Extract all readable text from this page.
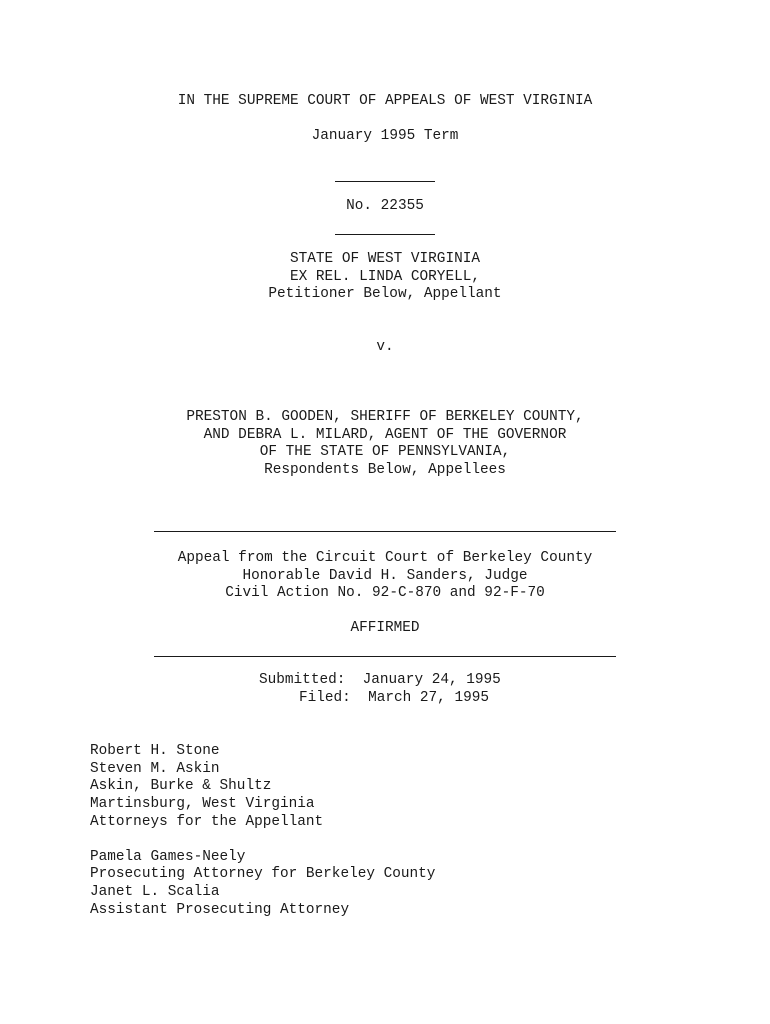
IN THE SUPREME COURT OF APPEALS OF WEST VIRGINIA
January 1995 Term
No. 22355
STATE OF WEST VIRGINIA
EX REL. LINDA CORYELL,
Petitioner Below, Appellant
v.
PRESTON B. GOODEN, SHERIFF OF BERKELEY COUNTY,
AND DEBRA L. MILARD, AGENT OF THE GOVERNOR
OF THE STATE OF PENNSYLVANIA,
Respondents Below, Appellees
Appeal from the Circuit Court of Berkeley County
Honorable David H. Sanders, Judge
Civil Action No. 92-C-870 and 92-F-70
AFFIRMED
Submitted:  January 24, 1995
Filed:  March 27, 1995
Robert H. Stone
Steven M. Askin
Askin, Burke & Shultz
Martinsburg, West Virginia
Attorneys for the Appellant
Pamela Games-Neely
Prosecuting Attorney for Berkeley County
Janet L. Scalia
Assistant Prosecuting Attorney
